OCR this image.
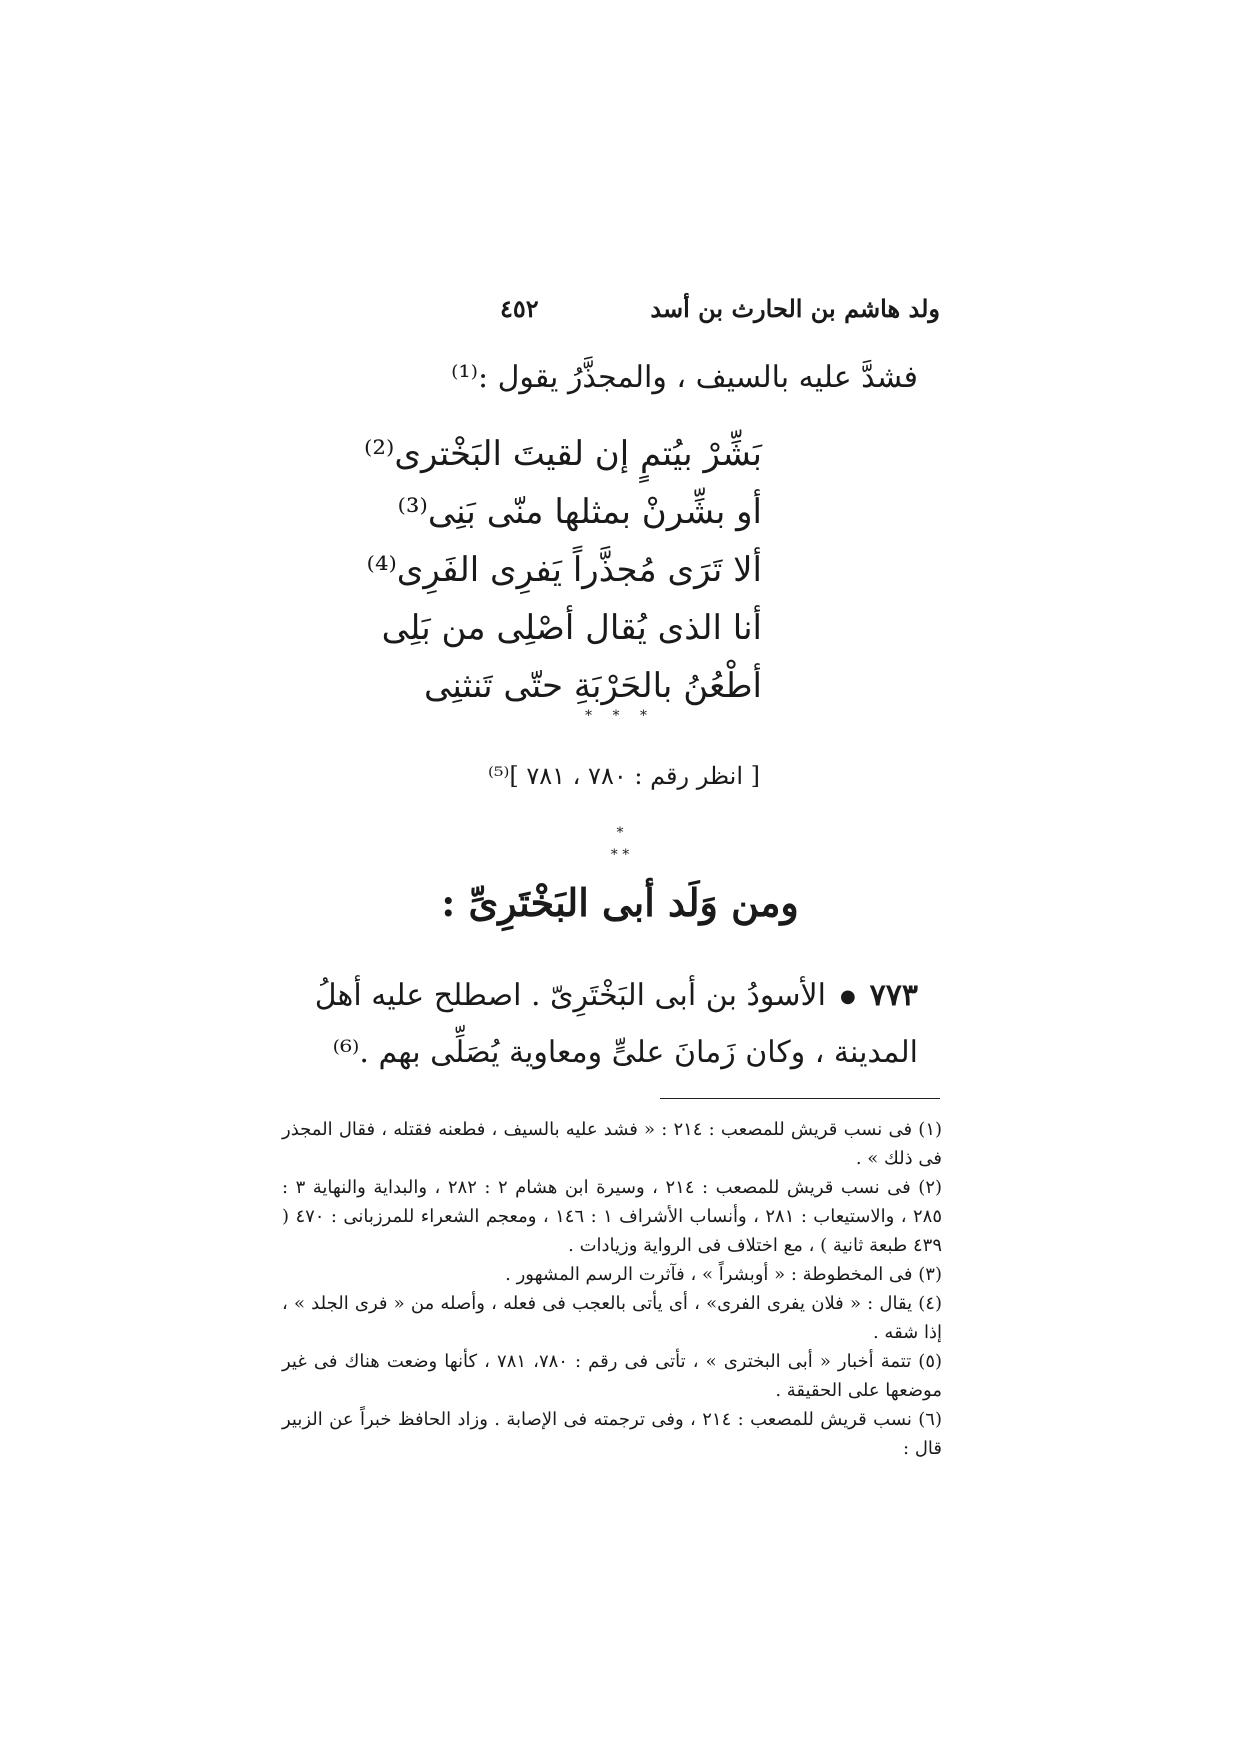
ولد هاشم بن الحارث بن أسد
٤٥٢
فشدَّ عليه بالسيف ، والمجذَّرُ يقول :⁽¹⁾
بَشِّرْ بيُتمٍ إن لقيتَ البَخْترى⁽²⁾
أو بشِّرنْ بمثلها منّى بَنِى⁽³⁾
ألا تَرَى مُجذَّراً يَفرِى الفَرِى⁽⁴⁾
أنا الذى يُقال أصْلِى من بَلِى
أطْعُنُ بالحَرْبَةِ حتّى تَنثنِى
* * *
[ انظر رقم : ٧٨٠ ، ٧٨١ ]⁽⁵⁾
*
* *
ومن وَلَد أبى البَخْتَرِىِّ :
٧٧٣●الأسودُ بن أبى البَخْتَرِىّ . اصطلح عليه أهلُ المدينة ، وكان زَمانَ علىٍّ ومعاوية يُصَلِّى بهم .⁽⁶⁾

(١) فى نسب قريش للمصعب : ٢١٤ : « فشد عليه بالسيف ، فطعنه فقتله ، فقال المجذر فى ذلك » .

(٢) فى نسب قريش للمصعب : ٢١٤ ، وسيرة ابن هشام ٢ : ٢٨٢ ، والبداية والنهاية ٣ : ٢٨٥ ، والاستيعاب : ٢٨١ ، وأنساب الأشراف ١ : ١٤٦ ، ومعجم الشعراء للمرزبانى : ٤٧٠ ( ٤٣٩ طبعة ثانية ) ، مع اختلاف فى الرواية وزيادات .

(٣) فى المخطوطة : « أوبشراً » ، فآثرت الرسم المشهور .

(٤) يقال : « فلان يفرى الفرى» ، أى يأتى بالعجب فى فعله ، وأصله من « فرى الجلد » ، إذا شقه .

(٥) تتمة أخبار « أبى البخترى » ، تأتى فى رقم : ٧٨٠، ٧٨١ ، كأنها وضعت هناك فى غير موضعها على الحقيقة .

(٦) نسب قريش للمصعب : ٢١٤ ، وفى ترجمته فى الإصابة . وزاد الحافظ خبراً عن الزبير قال :
